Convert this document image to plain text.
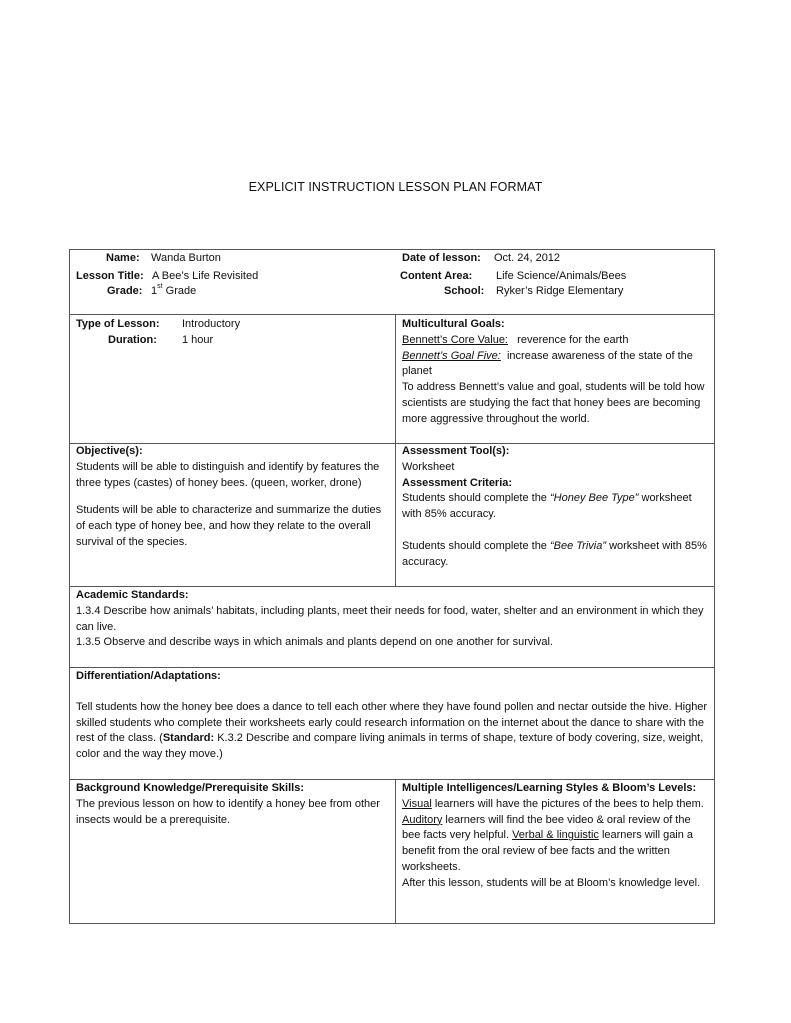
EXPLICIT INSTRUCTION LESSON PLAN FORMAT
Name: Wanda Burton	Date of lesson: Oct. 24, 2012
Lesson Title: A Bee’s Life Revisited	Content Area: Life Science/Animals/Bees
Grade: 1st Grade	School: Ryker’s Ridge Elementary
Type of Lesson:	Introductory
Duration:	1 hour

Multicultural Goals:

Bennett’s Core Value: reverence for the earth

Bennett’s Goal Five: increase awareness of the state of the planet

To address Bennett’s value and goal, students will be told how scientists are studying the fact that honey bees are becoming more aggressive throughout the world.

Objective(s):

Students will be able to distinguish and identify by features the three types (castes) of honey bees. (queen, worker, drone)

Students will be able to characterize and summarize the duties of each type of honey bee, and how they relate to the overall survival of the species.

Assessment Tool(s):

Worksheet

Assessment Criteria:

Students should complete the “Honey Bee Type” worksheet with 85% accuracy.

Students should complete the “Bee Trivia” worksheet with 85% accuracy.

Academic Standards:

1.3.4 Describe how animals’ habitats, including plants, meet their needs for food, water, shelter and an environment in which they can live.

1.3.5 Observe and describe ways in which animals and plants depend on one another for survival.

Differentiation/Adaptations:

Tell students how the honey bee does a dance to tell each other where they have found pollen and nectar outside the hive. Higher skilled students who complete their worksheets early could research information on the internet about the dance to share with the rest of the class. (Standard: K.3.2 Describe and compare living animals in terms of shape, texture of body covering, size, weight, color and the way they move.)

Background Knowledge/Prerequisite Skills:

The previous lesson on how to identify a honey bee from other insects would be a prerequisite.

Multiple Intelligences/Learning Styles & Bloom’s Levels:

Visual learners will have the pictures of the bees to help them. Auditory learners will find the bee video & oral review of the bee facts very helpful. Verbal & linguistic learners will gain a benefit from the oral review of bee facts and the written worksheets.

After this lesson, students will be at Bloom’s knowledge level.
